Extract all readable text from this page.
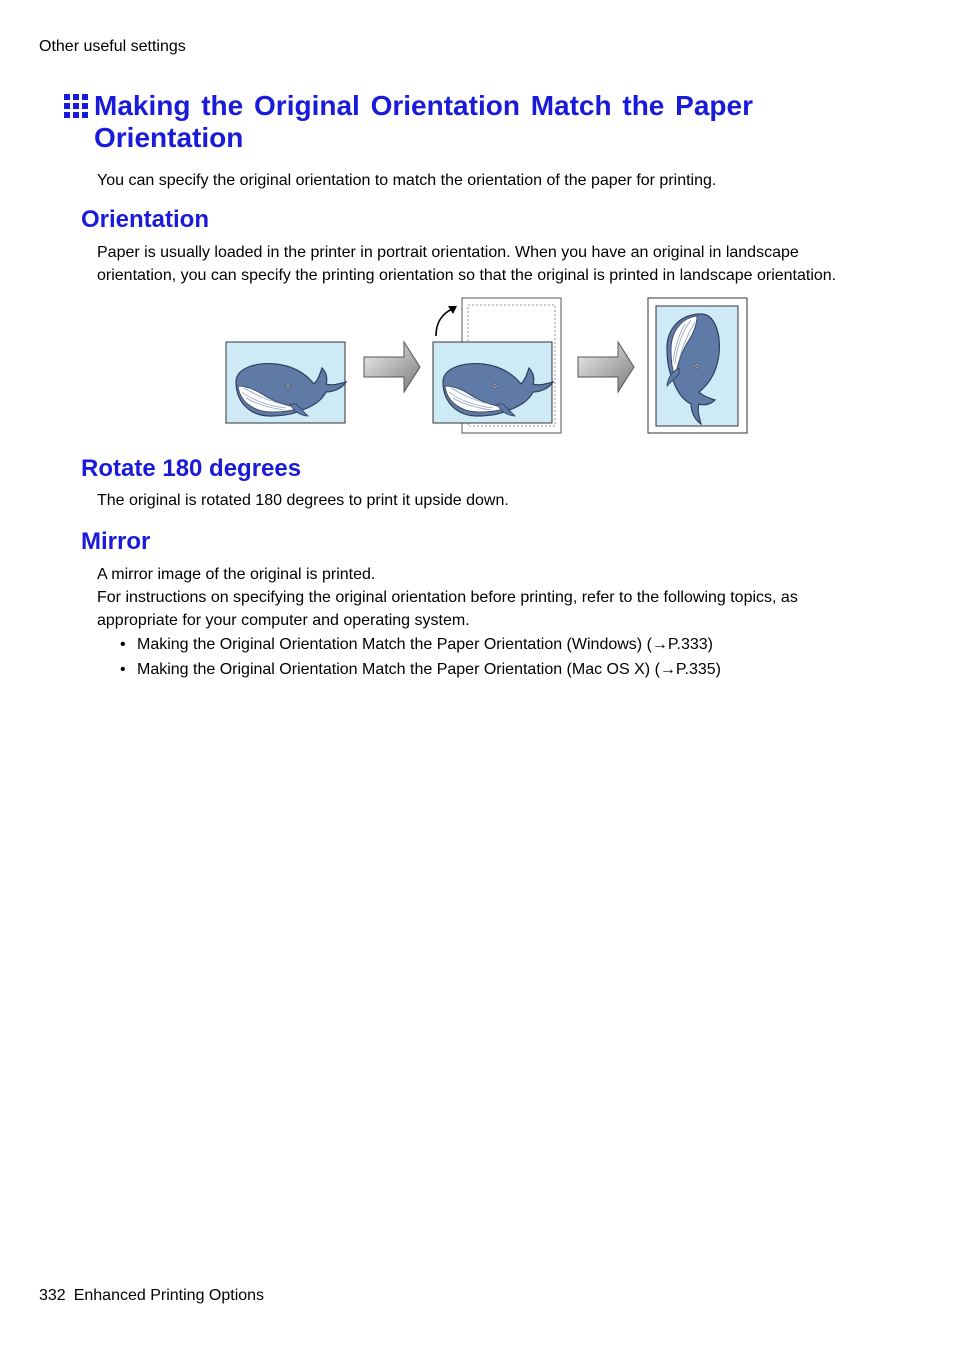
Other useful settings
Making the Original Orientation Match the Paper
Orientation

You can specify the original orientation to match the orientation of the paper for printing.

Orientation

Paper is usually loaded in the printer in portrait orientation. When you have an original in landscape
orientation, you can specify the printing orientation so that the original is printed in landscape orientation.

Rotate 180 degrees

The original is rotated 180 degrees to print it upside down.

Mirror

A mirror image of the original is printed.
For instructions on specifying the original orientation before printing, refer to the following topics, as
appropriate for your computer and operating system.

• Making the Original Orientation Match the Paper Orientation (Windows) (→P.333)
• Making the Original Orientation Match the Paper Orientation (Mac OS X) (→P.335)
332 Enhanced Printing Options
